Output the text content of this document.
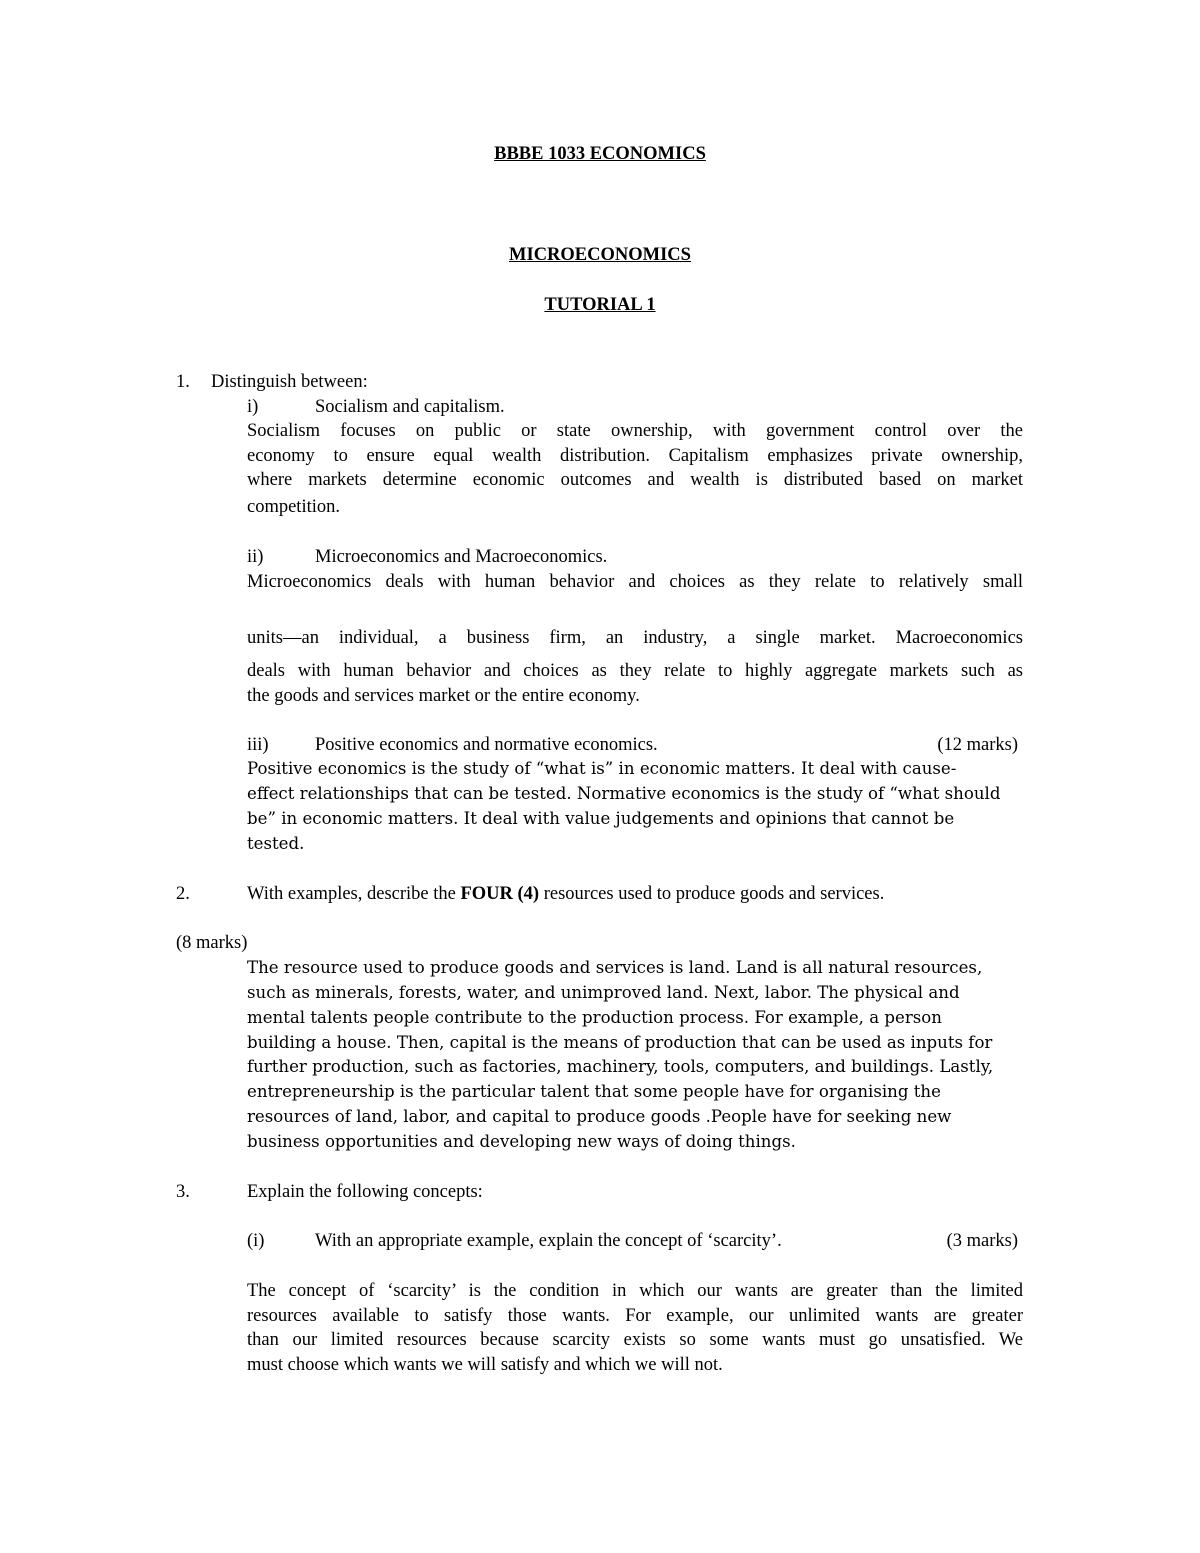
BBBE 1033 ECONOMICS
MICROECONOMICS
TUTORIAL 1
1. Distinguish between:
i)	Socialism and capitalism.
Socialism focuses on public or state ownership, with government control over the
economy to ensure equal wealth distribution. Capitalism emphasizes private ownership,
where markets determine economic outcomes and wealth is distributed based on market
competition.
ii)	Microeconomics and Macroeconomics.
Microeconomics deals with human behavior and choices as they relate to relatively small
units—an individual, a business firm, an industry, a single market. Macroeconomics
deals with human behavior and choices as they relate to highly aggregate markets such as
the goods and services market or the entire economy.
iii)	Positive economics and normative economics.	(12 marks)
Positive economics is the study of “what is” in economic matters. It deal with cause-
effect relationships that can be tested. Normative economics is the study of “what should
be” in economic matters. It deal with value judgements and opinions that cannot be
tested.
2.	With examples, describe the FOUR (4) resources used to produce goods and services.
(8 marks)
The resource used to produce goods and services is land. Land is all natural resources,
such as minerals, forests, water, and unimproved land. Next, labor. The physical and
mental talents people contribute to the production process. For example, a person
building a house. Then, capital is the means of production that can be used as inputs for
further production, such as factories, machinery, tools, computers, and buildings. Lastly,
entrepreneurship is the particular talent that some people have for organising the
resources of land, labor, and capital to produce goods .People have for seeking new
business opportunities and developing new ways of doing things.
3.	Explain the following concepts:
(i)	With an appropriate example, explain the concept of ‘scarcity’.	(3 marks)
The concept of ‘scarcity’ is the condition in which our wants are greater than the limited
resources available to satisfy those wants. For example, our unlimited wants are greater
than our limited resources because scarcity exists so some wants must go unsatisfied. We
must choose which wants we will satisfy and which we will not.
